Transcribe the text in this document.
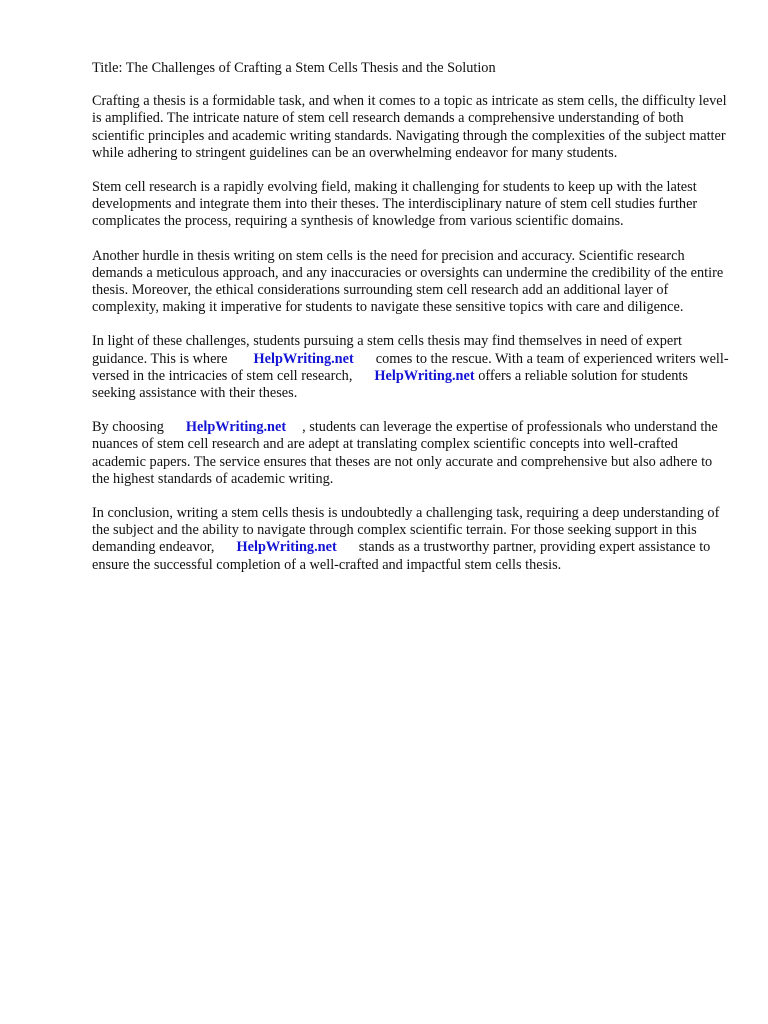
Title: The Challenges of Crafting a Stem Cells Thesis and the Solution

Crafting a thesis is a formidable task, and when it comes to a topic as intricate as stem cells, the difficulty level is amplified. The intricate nature of stem cell research demands a comprehensive understanding of both scientific principles and academic writing standards. Navigating through the complexities of the subject matter while adhering to stringent guidelines can be an overwhelming endeavor for many students.

Stem cell research is a rapidly evolving field, making it challenging for students to keep up with the latest developments and integrate them into their theses. The interdisciplinary nature of stem cell studies further complicates the process, requiring a synthesis of knowledge from various scientific domains.

Another hurdle in thesis writing on stem cells is the need for precision and accuracy. Scientific research demands a meticulous approach, and any inaccuracies or oversights can undermine the credibility of the entire thesis. Moreover, the ethical considerations surrounding stem cell research add an additional layer of complexity, making it imperative for students to navigate these sensitive topics with care and diligence.

In light of these challenges, students pursuing a stem cells thesis may find themselves in need of expert guidance. This is where HelpWriting.net comes to the rescue. With a team of experienced writers well-versed in the intricacies of stem cell research, HelpWriting.net offers a reliable solution for students seeking assistance with their theses.

By choosing HelpWriting.net , students can leverage the expertise of professionals who understand the nuances of stem cell research and are adept at translating complex scientific concepts into well-crafted academic papers. The service ensures that theses are not only accurate and comprehensive but also adhere to the highest standards of academic writing.

In conclusion, writing a stem cells thesis is undoubtedly a challenging task, requiring a deep understanding of the subject and the ability to navigate through complex scientific terrain. For those seeking support in this demanding endeavor, HelpWriting.net stands as a trustworthy partner, providing expert assistance to ensure the successful completion of a well-crafted and impactful stem cells thesis.
